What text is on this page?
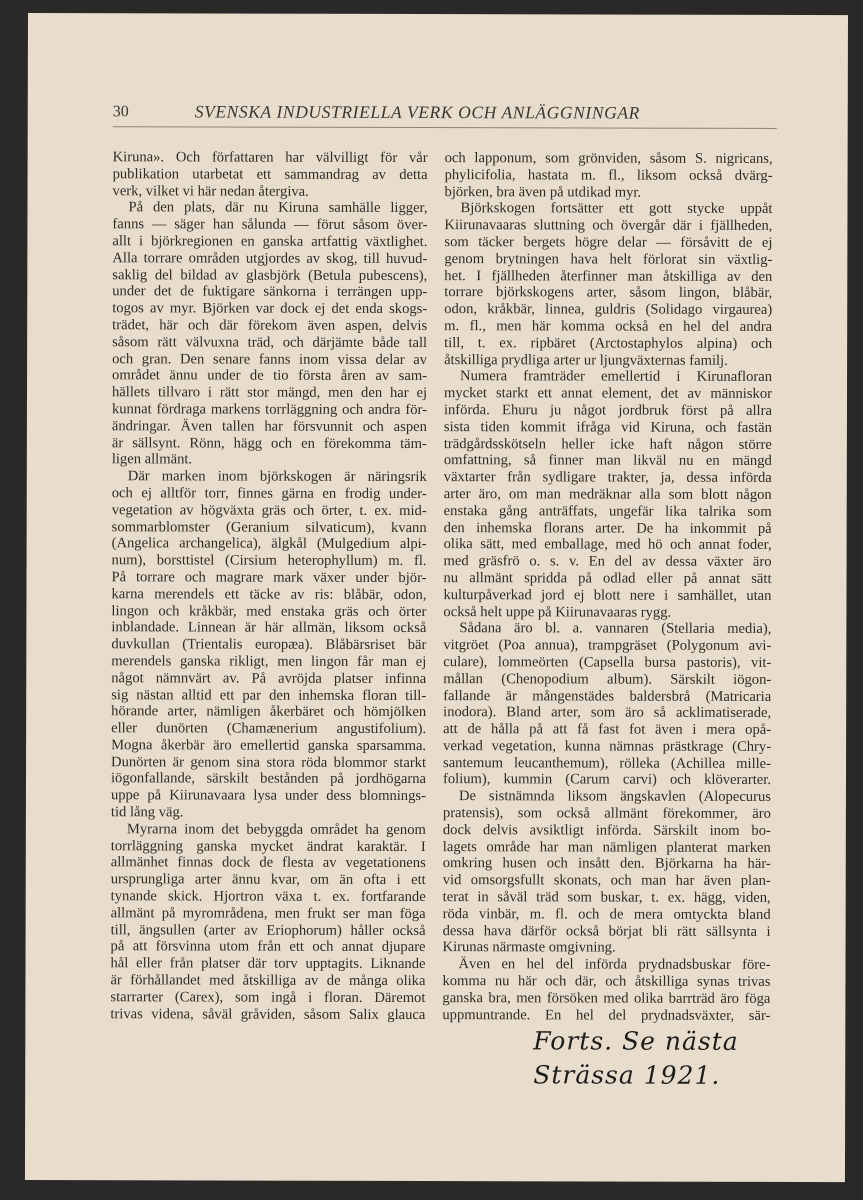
30	SVENSKA INDUSTRIELLA VERK OCH ANLÄGGNINGAR
Kiruna». Och författaren har välvilligt för vår
publikation utarbetat ett sammandrag av detta
verk, vilket vi här nedan återgiva.
På den plats, där nu Kiruna samhälle ligger,
fanns — säger han sålunda — förut såsom över-
allt i björkregionen en ganska artfattig växtlighet.
Alla torrare områden utgjordes av skog, till huvud-
saklig del bildad av glasbjörk (Betula pubescens),
under det de fuktigare sänkorna i terrängen upp-
togos av myr. Björken var dock ej det enda skogs-
trädet, här och där förekom även aspen, delvis
såsom rätt välvuxna träd, och därjämte både tall
och gran. Den senare fanns inom vissa delar av
området ännu under de tio första åren av sam-
hällets tillvaro i rätt stor mängd, men den har ej
kunnat fördraga markens torrläggning och andra för-
ändringar. Även tallen har försvunnit och aspen
är sällsynt. Rönn, hägg och en förekomma täm-
ligen allmänt.
Där marken inom björkskogen är näringsrik
och ej alltför torr, finnes gärna en frodig under-
vegetation av högväxta gräs och örter, t. ex. mid-
sommarblomster (Geranium silvaticum), kvann
(Angelica archangelica), älgkål (Mulgedium alpi-
num), borsttistel (Cirsium heterophyllum) m. fl.
På torrare och magrare mark växer under björ-
karna merendels ett täcke av ris: blåbär, odon,
lingon och kråkbär, med enstaka gräs och örter
inblandade. Linnean är här allmän, liksom också
duvkullan (Trientalis europæa). Blåbärsriset bär
merendels ganska rikligt, men lingon får man ej
något nämnvärt av. På avröjda platser infinna
sig nästan alltid ett par den inhemska floran till-
hörande arter, nämligen åkerbäret och hömjölken
eller dunörten (Chamænerium angustifolium).
Mogna åkerbär äro emellertid ganska sparsamma.
Dunörten är genom sina stora röda blommor starkt
iögonfallande, särskilt bestånden på jordhögarna
uppe på Kiirunavaara lysa under dess blomnings-
tid lång väg.
Myrarna inom det bebyggda området ha genom
torrläggning ganska mycket ändrat karaktär. I
allmänhet finnas dock de flesta av vegetationens
ursprungliga arter ännu kvar, om än ofta i ett
tynande skick. Hjortron växa t. ex. fortfarande
allmänt på myrområdena, men frukt ser man föga
till, ängsullen (arter av Eriophorum) håller också
på att försvinna utom från ett och annat djupare
hål eller från platser där torv upptagits. Liknande
är förhållandet med åtskilliga av de många olika
starrarter (Carex), som ingå i floran. Däremot
trivas videna, såväl gråviden, såsom Salix glauca
och lapponum, som grönviden, såsom S. nigricans,
phylicifolia, hastata m. fl., liksom också dvärg-
björken, bra även på utdikad myr.
Björkskogen fortsätter ett gott stycke uppåt
Kiirunavaaras sluttning och övergår där i fjällheden,
som täcker bergets högre delar — försåvitt de ej
genom brytningen hava helt förlorat sin växtlig-
het. I fjällheden återfinner man åtskilliga av den
torrare björkskogens arter, såsom lingon, blåbär,
odon, kråkbär, linnea, guldris (Solidago virgaurea)
m. fl., men här komma också en hel del andra
till, t. ex. ripbäret (Arctostaphylos alpina) och
åtskilliga prydliga arter ur ljungväxternas familj.
Numera framträder emellertid i Kirunafloran
mycket starkt ett annat element, det av människor
införda. Ehuru ju något jordbruk först på allra
sista tiden kommit ifråga vid Kiruna, och fastän
trädgårdsskötseln heller icke haft någon större
omfattning, så finner man likväl nu en mängd
växtarter från sydligare trakter, ja, dessa införda
arter äro, om man medräknar alla som blott någon
enstaka gång anträffats, ungefär lika talrika som
den inhemska florans arter. De ha inkommit på
olika sätt, med emballage, med hö och annat foder,
med gräsfrö o. s. v. En del av dessa växter äro
nu allmänt spridda på odlad eller på annat sätt
kulturpåverkad jord ej blott nere i samhället, utan
också helt uppe på Kiirunavaaras rygg.
Sådana äro bl. a. vannaren (Stellaria media),
vitgröet (Poa annua), trampgräset (Polygonum avi-
culare), lommeörten (Capsella bursa pastoris), vit-
mållan (Chenopodium album). Särskilt iögon-
fallande är mångenstädes baldersbrå (Matricaria
inodora). Bland arter, som äro så acklimatiserade,
att de hålla på att få fast fot även i mera opå-
verkad vegetation, kunna nämnas prästkrage (Chry-
santemum leucanthemum), rölleka (Achillea mille-
folium), kummin (Carum carvi) och klöverarter.
De sistnämnda liksom ängskavlen (Alopecurus
pratensis), som också allmänt förekommer, äro
dock delvis avsiktligt införda. Särskilt inom bo-
lagets område har man nämligen planterat marken
omkring husen och insått den. Björkarna ha här-
vid omsorgsfullt skonats, och man har även plan-
terat in såväl träd som buskar, t. ex. hägg, viden,
röda vinbär, m. fl. och de mera omtyckta bland
dessa hava därför också börjat bli rätt sällsynta i
Kirunas närmaste omgivning.
Även en hel del införda prydnadsbuskar före-
komma nu här och där, och åtskilliga synas trivas
ganska bra, men försöken med olika barrträd äro föga
uppmuntrande. En hel del prydnadsväxter, sär-
Forts. Se nästa
Strässa 1921.
